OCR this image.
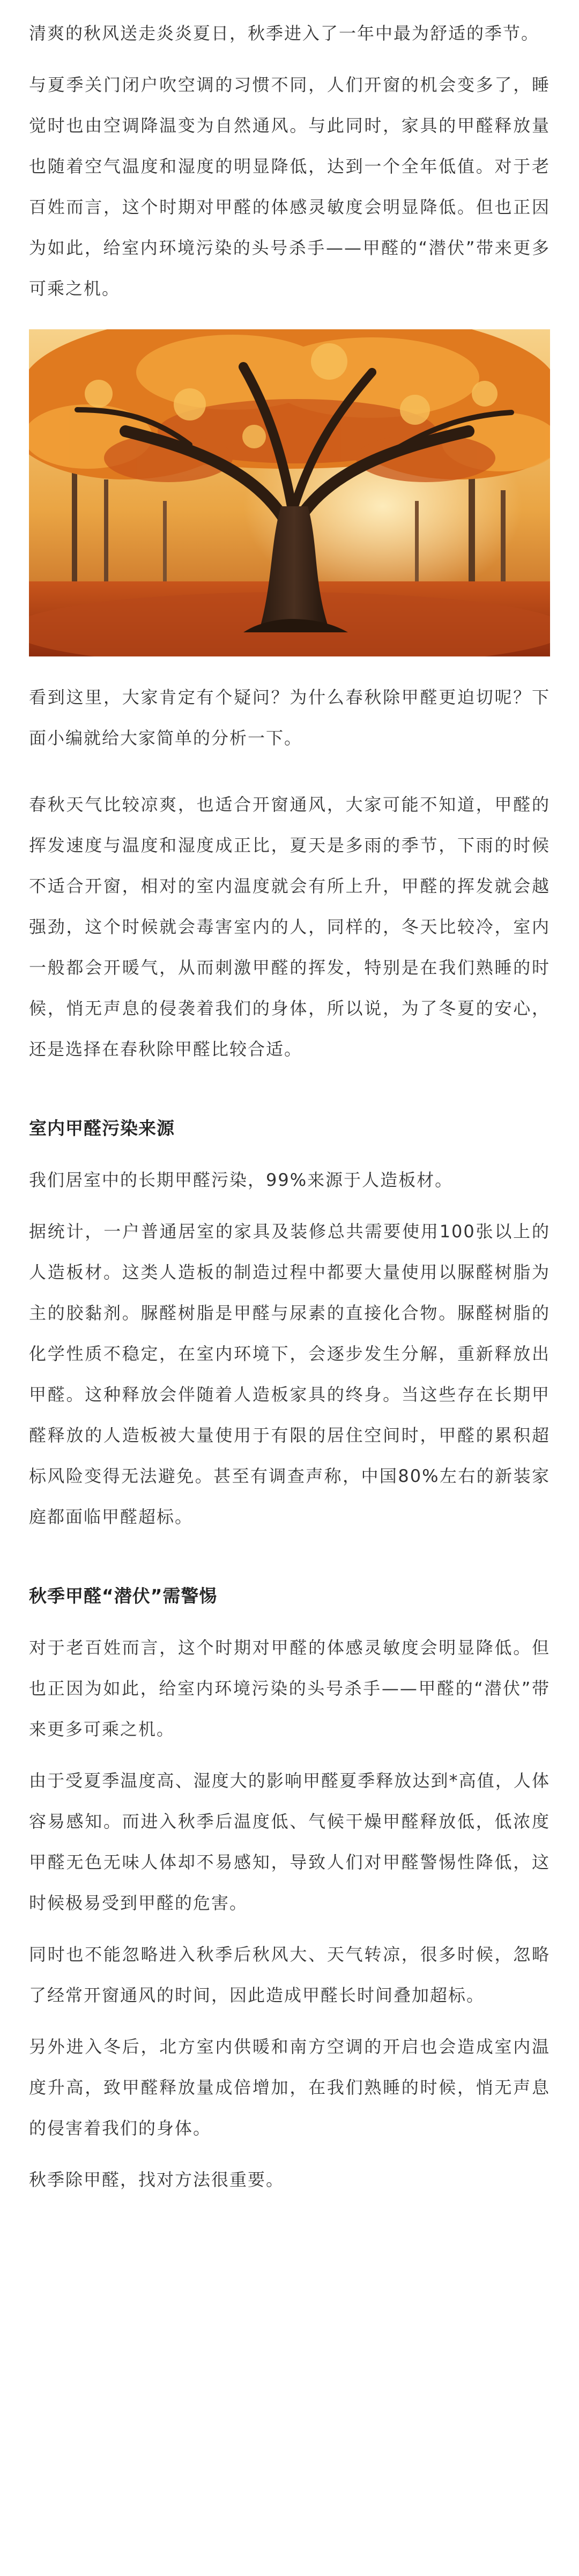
清爽的秋风送走炎炎夏日，秋季进入了一年中最为舒适的季节。

与夏季关门闭户吹空调的习惯不同，人们开窗的机会变多了，睡觉时也由空调降温变为自然通风。与此同时，家具的甲醛释放量也随着空气温度和湿度的明显降低，达到一个全年低值。对于老百姓而言，这个时期对甲醛的体感灵敏度会明显降低。但也正因为如此，给室内环境污染的头号杀手——甲醛的“潜伏”带来更多可乘之机。

看到这里，大家肯定有个疑问？为什么春秋除甲醛更迫切呢？下面小编就给大家简单的分析一下。

春秋天气比较凉爽，也适合开窗通风，大家可能不知道，甲醛的挥发速度与温度和湿度成正比，夏天是多雨的季节，下雨的时候不适合开窗，相对的室内温度就会有所上升，甲醛的挥发就会越强劲，这个时候就会毒害室内的人，同样的，冬天比较冷，室内一般都会开暖气，从而刺激甲醛的挥发，特别是在我们熟睡的时候，悄无声息的侵袭着我们的身体，所以说，为了冬夏的安心，还是选择在春秋除甲醛比较合适。

室内甲醛污染来源

我们居室中的长期甲醛污染，99%来源于人造板材。

据统计，一户普通居室的家具及装修总共需要使用100张以上的人造板材。这类人造板的制造过程中都要大量使用以脲醛树脂为主的胶黏剂。脲醛树脂是甲醛与尿素的直接化合物。脲醛树脂的化学性质不稳定，在室内环境下，会逐步发生分解，重新释放出甲醛。这种释放会伴随着人造板家具的终身。当这些存在长期甲醛释放的人造板被大量使用于有限的居住空间时，甲醛的累积超标风险变得无法避免。甚至有调查声称，中国80%左右的新装家庭都面临甲醛超标。

秋季甲醛“潜伏”需警惕

对于老百姓而言，这个时期对甲醛的体感灵敏度会明显降低。但也正因为如此，给室内环境污染的头号杀手——甲醛的“潜伏”带来更多可乘之机。

由于受夏季温度高、湿度大的影响甲醛夏季释放达到*高值，人体容易感知。而进入秋季后温度低、气候干燥甲醛释放低，低浓度甲醛无色无味人体却不易感知，导致人们对甲醛警惕性降低，这时候极易受到甲醛的危害。

同时也不能忽略进入秋季后秋风大、天气转凉，很多时候，忽略了经常开窗通风的时间，因此造成甲醛长时间叠加超标。

另外进入冬后，北方室内供暖和南方空调的开启也会造成室内温度升高，致甲醛释放量成倍增加，在我们熟睡的时候，悄无声息的侵害着我们的身体。

秋季除甲醛，找对方法很重要。
